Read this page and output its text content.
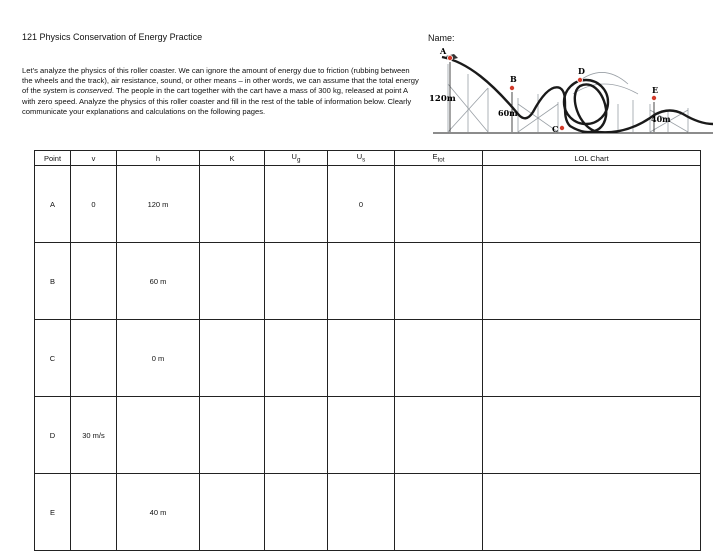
121 Physics Conservation of Energy Practice	Name:
Let’s analyze the physics of this roller coaster. We can ignore the amount of energy due to friction (rubbing between the wheels and the track), air resistance, sound, or other means – in other words, we can assume that the total energy of the system is conserved. The people in the cart together with the cart have a mass of 300 kg, released at point A with zero speed. Analyze the physics of this roller coaster and fill in the rest of the table of information below. Clearly communicate your explanations and calculations on the following pages.
A
B
C
D
E
120m
60m
40m
Point	v	h	K	$U_g$	$U_s$	$E_{tot}$	LOL Chart
A	0	120 m			0		
B		60 m					
C		0 m					
D	30 m/s						
E		40 m					
